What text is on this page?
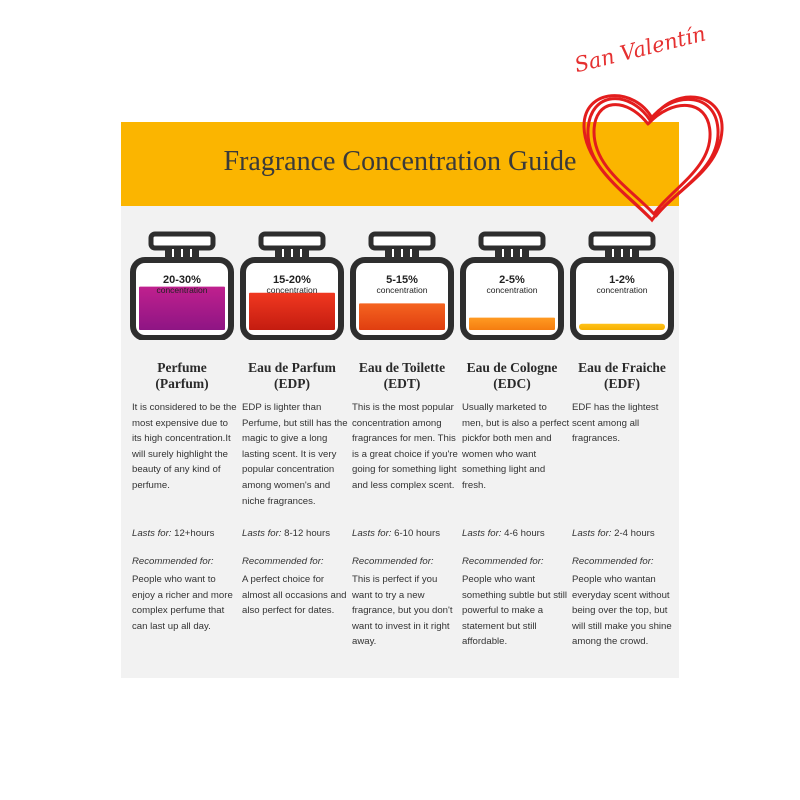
Fragrance Concentration Guide
20-30%
concentration
Perfume
(Parfum)
It is considered to be the most expensive due to its high concentration.It will surely highlight the beauty of any kind of perfume.
Lasts for: 12+hours
Recommended for:
People who want to enjoy a richer and more complex perfume that can last up all day.
15-20%
concentration
Eau de Parfum
(EDP)
EDP is lighter than Perfume, but still has the magic to give a long lasting scent. It is very popular concentration among women's and niche fragrances.
Lasts for: 8-12 hours
Recommended for:
A perfect choice for almost all occasions and also perfect for dates.
5-15%
concentration
Eau de Toilette
(EDT)
This is the most popular concentration among fragrances for men. This is a great choice if you're going for something light and less complex scent.
Lasts for: 6-10 hours
Recommended for:
This is perfect if you want to try a new fragrance, but you don't want to invest in it right away.
2-5%
concentration
Eau de Cologne
(EDC)
Usually marketed to men, but is also a perfect pickfor both men and women who want something light and fresh.
Lasts for: 4-6 hours
Recommended for:
People who want something subtle but still powerful to make a statement but still affordable.
1-2%
concentration
Eau de Fraiche
(EDF)
EDF has the lightest scent among all fragrances.
Lasts for: 2-4 hours
Recommended for:
People who wantan everyday scent without being over the top, but will still make you shine among the crowd.
San Valentín
